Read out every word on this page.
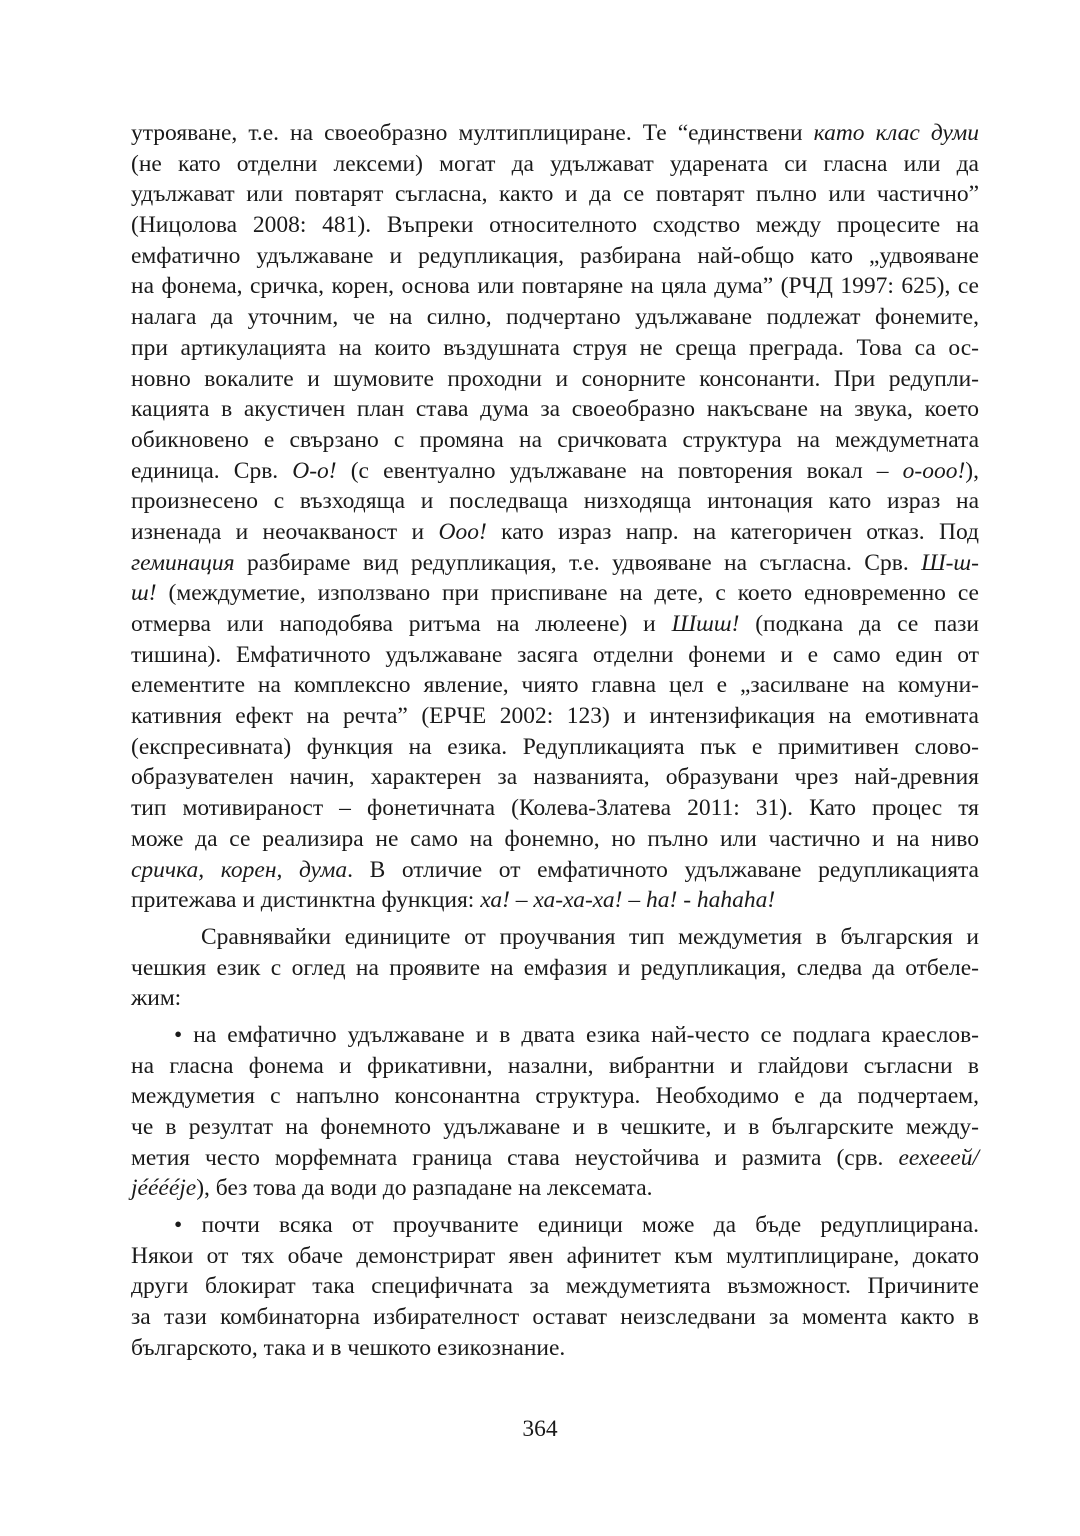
утрояване, т.е. на своеобразно мултиплициране. Те “единствени като клас думи
(не като отделни лексеми) могат да удължават ударената си гласна или да
удължават или повтарят съгласна, както и да се повтарят пълно или частично”
(Ницолова 2008: 481). Въпреки относителното сходство между процесите на
емфатично удължаване и редупликация, разбирана най-общо като „удвояване
на фонема, сричка, корен, основа или повтаряне на цяла дума” (РЧД 1997: 625), се
налага да уточним, че на силно, подчертано удължаване подлежат фонемите,
при артикулацията на които въздушната струя не среща преграда. Това са ос-
новно вокалите и шумовите проходни и сонорните консонанти. При редупли-
кацията в акустичен план става дума за своеобразно накъсване на звука, което
обикновено е свързано с промяна на сричковата структура на междуметната
единица. Срв. О-о! (с евентуално удължаване на повторения вокал – о-ооо!),
произнесено с възходяща и последваща низходяща интонация като израз на
изненада и неочакваност и Ооо! като израз напр. на категоричен отказ. Под
геминация разбираме вид редупликация, т.е. удвояване на съгласна. Срв. Ш-ш-
ш! (междуметие, използвано при приспиване на дете, с което едновременно се
отмерва или наподобява ритъма на люлеене) и Шшш! (подкана да се пази
тишина). Емфатичното удължаване засяга отделни фонеми и е само един от
елементите на комплексно явление, чиято главна цел е „засилване на комуни-
кативния ефект на речта” (ЕРЧЕ 2002: 123) и интензификация на емотивната
(експресивната) функция на езика. Редупликацията пък е примитивен слово-
образувателен начин, характерен за названията, образувани чрез най-древния
тип мотивираност – фонетичната (Колева-Златева 2011: 31). Като процес тя
може да се реализира не само на фонемно, но пълно или частично и на ниво
сричка, корен, дума. В отличие от емфатичното удължаване редупликацията
притежава и дистинктна функция: ха! – ха-ха-ха! – ha! - hahaha!
Сравнявайки единиците от проучвания тип междуметия в българския и
чешкия език с оглед на проявите на емфазия и редупликация, следва да отбеле-
жим:
• на емфатично удължаване и в двата езика най-често се подлага краеслов-
на гласна фонема и фрикативни, назални, вибрантни и глайдови съгласни в
междуметия с напълно консонантна структура. Необходимо е да подчертаем,
че в резултат на фонемното удължаване и в чешките, и в българските между-
метия често морфемната граница става неустойчива и размита (срв. еехееей/
jééééje), без това да води до разпадане на лексемата.
• почти всяка от проучваните единици може да бъде редуплицирана.
Някои от тях обаче демонстрират явен афинитет към мултиплициране, докато
други блокират така специфичната за междуметията възможност. Причините
за тази комбинаторна избирателност остават неизследвани за момента както в
българското, така и в чешкото езикознание.
364
